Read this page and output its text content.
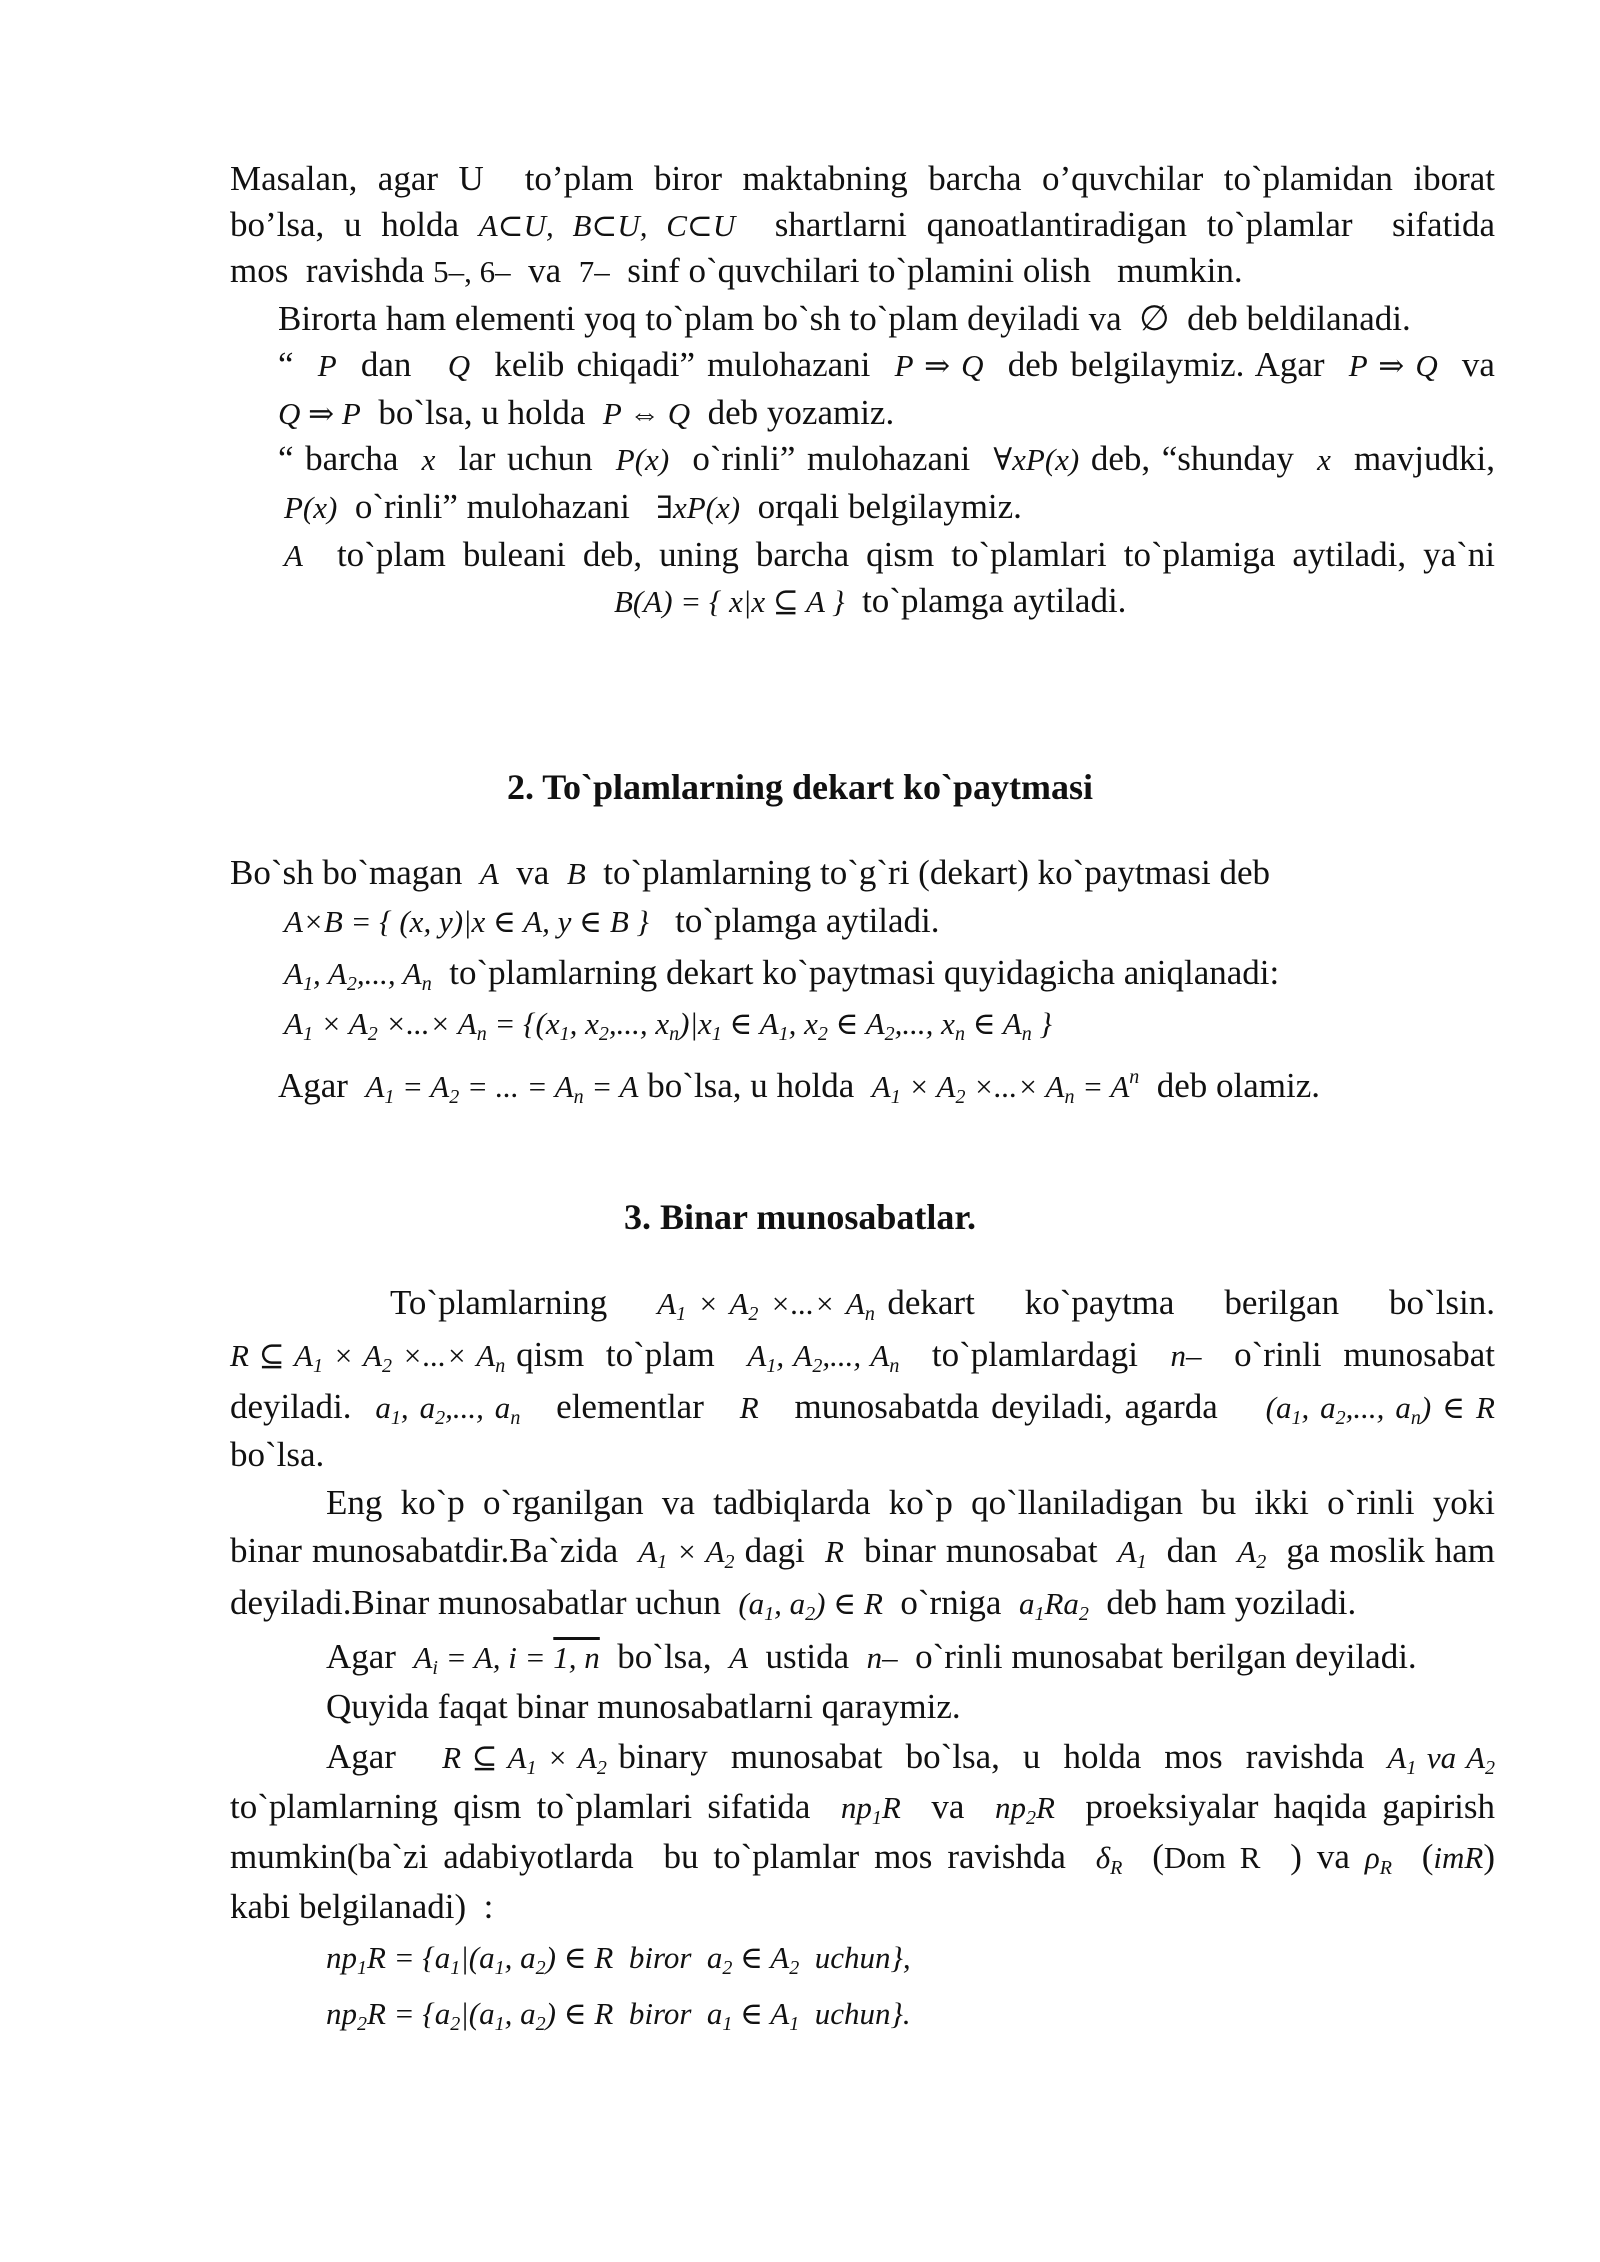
Masalan, agar U  to’plam biror maktabning barcha o’quvchilar to`plamidan iborat
bo’lsa, u holda A⊂U, B⊂U, C⊂U  shartlarni qanoatlantiradigan to`plamlar  sifatida
mos  ravishda 5–, 6–  va  7–  sinf o`quvchilari to`plamini olish   mumkin.
Birorta ham elementi yoq to`plam bo`sh to`plam deyiladi va  ∅  deb beldilanadi.
“  P  dan   Q  kelib chiqadi” mulohazani  P ⇒ Q  deb belgilaymiz. Agar  P ⇒ Q  va
Q ⇒ P  bo`lsa, u holda  P ⇔ Q  deb yozamiz.
“ barcha  x  lar uchun  P(x)  o`rinli” mulohazani  ∀xP(x) deb, “shunday  x  mavjudki,
P(x)  o`rinli” mulohazani   ∃xP(x)  orqali belgilaymiz.
A  to`plam buleani deb, uning barcha qism to`plamlari to`plamiga aytiladi, ya`ni
B(A) = { x|x ⊆ A }  to`plamga aytiladi.
Bo`sh bo`magan  A  va  B  to`plamlarning to`g`ri (dekart) ko`paytmasi deb
A×B = { (x, y)|x ∈ A, y ∈ B }   to`plamga aytiladi.
$A_1$, $A_2$,..., $A_n$  to`plamlarning dekart ko`paytmasi quyidagicha aniqlanadi:
$A_1 \times A_2$ ×...× $A_n = \{(x_1$, $x_2$,..., $x_n)|x_1$ ∈ $A_1$, $x_2$ ∈ $A_2$,..., $x_n$ ∈ $A_n$ }
Agar  $A_1 = A_2$ = ... = $A_n = A$ bo`lsa, u holda  $A_1 \times A_2$ ×...× $A_n = A^n$  deb olamiz.
To`plamlarning    $A_1 \times A_2$ ×...× $A_n$ dekart    ko`paytma    berilgan    bo`lsin.
R ⊆ $A_1 \times A_2$ ×...× $A_n$ qism  to`plam   $A_1$, $A_2$,..., $A_n$   to`plamlardagi   n–   o`rinli  munosabat
deyiladi.  $a_1$, $a_2$,..., $a_n$   elementlar   R   munosabatda deyiladi, agarda    ($a_1$, $a_2$,..., $a_n$) ∈ R
bo`lsa.
Eng ko`p o`rganilgan va tadbiqlarda ko`p qo`llaniladigan bu ikki o`rinli yoki
binar munosabatdir.Ba`zida  $A_1 \times A_2$ dagi  R  binar munosabat  $A_1$  dan  $A_2$  ga moslik ham
deyiladi.Binar munosabatlar uchun  ($a_1$, $a_2$) ∈ R  o`rniga  $a_1Ra_2$  deb ham yoziladi.
Agar  $A_i = A$, i = 1, n  bo`lsa,  A  ustida  n–  o`rinli munosabat berilgan deyiladi.
Quyida faqat binar munosabatlarni qaraymiz.
Agar    R ⊆ $A_1 \times A_2$ binary  munosabat  bo`lsa,  u  holda  mos  ravishda  $A_1$ va $A_2$
to`plamlarning qism to`plamlari sifatida  $np_1R$  va  $np_2R$  proeksiyalar haqida gapirish
mumkin(ba`zi adabiyotlarda  bu to`plamlar mos ravishda  $\delta_R$  (Dom R  ) va $\rho_R$  (imR)
kabi belgilanadi)  :
$np_1R = \{a_1|(a_1$, $a_2$) ∈ R  biror  $a_2$ ∈ $A_2$  uchun},
$np_2R = \{a_2|(a_1$, $a_2$) ∈ R  biror  $a_1$ ∈ $A_1$  uchun}.
2. To`plamlarning dekart ko`paytmasi
3. Binar munosabatlar.
